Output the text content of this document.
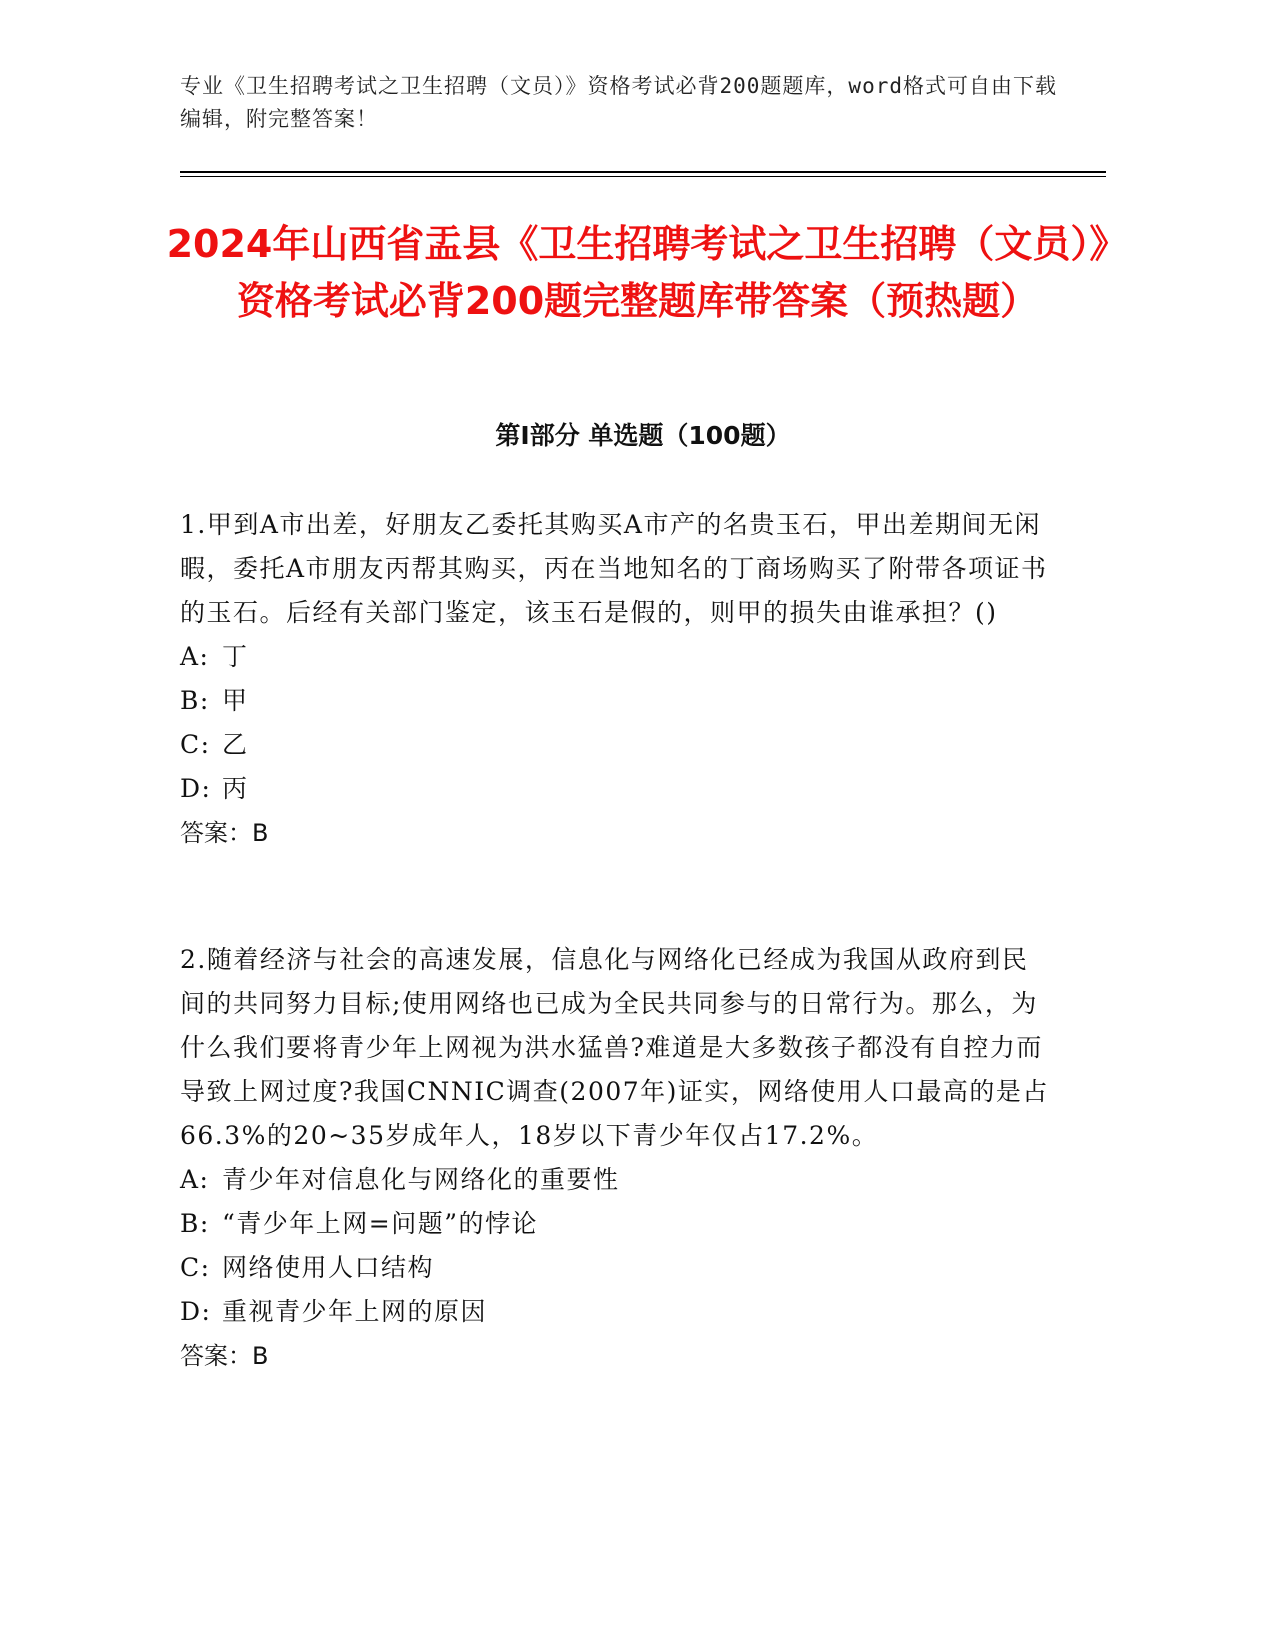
专业《卫生招聘考试之卫生招聘（文员）》资格考试必背200题题库，word格式可自由下载编辑，附完整答案！
2024年山西省盂县《卫生招聘考试之卫生招聘（文员）》资格考试必背200题完整题库带答案（预热题）
第Ⅰ部分 单选题（100题）

1.甲到A市出差，好朋友乙委托其购买A市产的名贵玉石，甲出差期间无闲暇，委托A市朋友丙帮其购买，丙在当地知名的丁商场购买了附带各项证书的玉石。后经有关部门鉴定，该玉石是假的，则甲的损失由谁承担？()

A: 丁

B: 甲

C: 乙

D: 丙

答案：B

2.随着经济与社会的高速发展，信息化与网络化已经成为我国从政府到民间的共同努力目标;使用网络也已成为全民共同参与的日常行为。那么，为什么我们要将青少年上网视为洪水猛兽?难道是大多数孩子都没有自控力而导致上网过度?我国CNNIC调查(2007年)证实，网络使用人口最高的是占66.3%的20~35岁成年人，18岁以下青少年仅占17.2%。

A: 青少年对信息化与网络化的重要性

B: “青少年上网=问题”的悖论

C: 网络使用人口结构

D: 重视青少年上网的原因

答案：B
